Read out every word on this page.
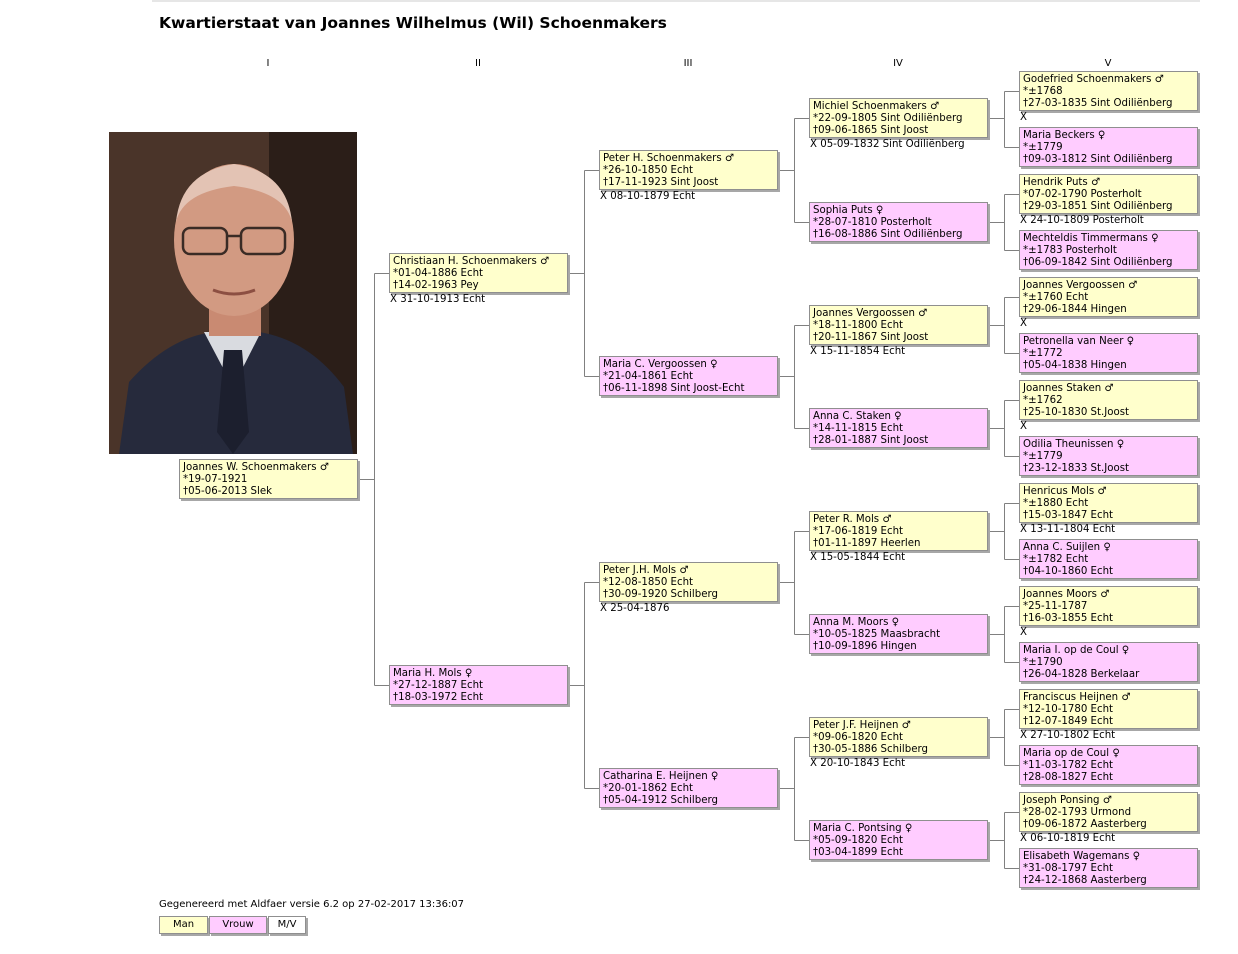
Kwartierstaat van Joannes Wilhelmus (Wil) Schoenmakers
I	II	III	IV	V
Joannes W. Schoenmakers ♂
*19-07-1921
†05-06-2013 Slek
Christiaan H. Schoenmakers ♂
*01-04-1886 Echt
†14-02-1963 Pey
Maria H. Mols ♀
*27-12-1887 Echt
†18-03-1972 Echt
Peter H. Schoenmakers ♂
*26-10-1850 Echt
†17-11-1923 Sint Joost
Maria C. Vergoossen ♀
*21-04-1861 Echt
†06-11-1898 Sint Joost-Echt
Peter J.H. Mols ♂
*12-08-1850 Echt
†30-09-1920 Schilberg
Catharina E. Heijnen ♀
*20-01-1862 Echt
†05-04-1912 Schilberg
Michiel Schoenmakers ♂
*22-09-1805 Sint Odiliënberg
†09-06-1865 Sint Joost
Sophia Puts ♀
*28-07-1810 Posterholt
†16-08-1886 Sint Odiliënberg
Joannes Vergoossen ♂
*18-11-1800 Echt
†20-11-1867 Sint Joost
Anna C. Staken ♀
*14-11-1815 Echt
†28-01-1887 Sint Joost
Peter R. Mols ♂
*17-06-1819 Echt
†01-11-1897 Heerlen
Anna M. Moors ♀
*10-05-1825 Maasbracht
†10-09-1896 Hingen
Peter J.F. Heijnen ♂
*09-06-1820 Echt
†30-05-1886 Schilberg
Maria C. Pontsing ♀
*05-09-1820 Echt
†03-04-1899 Echt
Godefried Schoenmakers ♂
*±1768
†27-03-1835 Sint Odiliënberg
Maria Beckers ♀
*±1779
†09-03-1812 Sint Odiliënberg
Hendrik Puts ♂
*07-02-1790 Posterholt
†29-03-1851 Sint Odiliënberg
Mechteldis Timmermans ♀
*±1783 Posterholt
†06-09-1842 Sint Odiliënberg
Joannes Vergoossen ♂
*±1760 Echt
†29-06-1844 Hingen
Petronella van Neer ♀
*±1772
†05-04-1838 Hingen
Joannes Staken ♂
*±1762
†25-10-1830 St.Joost
Odilia Theunissen ♀
*±1779
†23-12-1833 St.Joost
Henricus Mols ♂
*±1880 Echt
†15-03-1847 Echt
Anna C. Suijlen ♀
*±1782 Echt
†04-10-1860 Echt
Joannes Moors ♂
*25-11-1787
†16-03-1855 Echt
Maria I. op de Coul ♀
*±1790
†26-04-1828 Berkelaar
Franciscus Heijnen ♂
*12-10-1780 Echt
†12-07-1849 Echt
Maria op de Coul ♀
*11-03-1782 Echt
†28-08-1827 Echt
Joseph Ponsing ♂
*28-02-1793 Urmond
†09-06-1872 Aasterberg
Elisabeth Wagemans ♀
*31-08-1797 Echt
†24-12-1868 Aasterberg
X 31-10-1913 Echt
X 08-10-1879 Echt
X 25-04-1876
X 05-09-1832 Sint Odiliënberg
X 15-11-1854 Echt
X 15-05-1844 Echt
X 20-10-1843 Echt
X
X 24-10-1809 Posterholt
X
X
X 13-11-1804 Echt
X
X 27-10-1802 Echt
X 06-10-1819 Echt
Gegenereerd met Aldfaer versie 6.2 op 27-02-2017 13:36:07
Man	Vrouw	M/V
